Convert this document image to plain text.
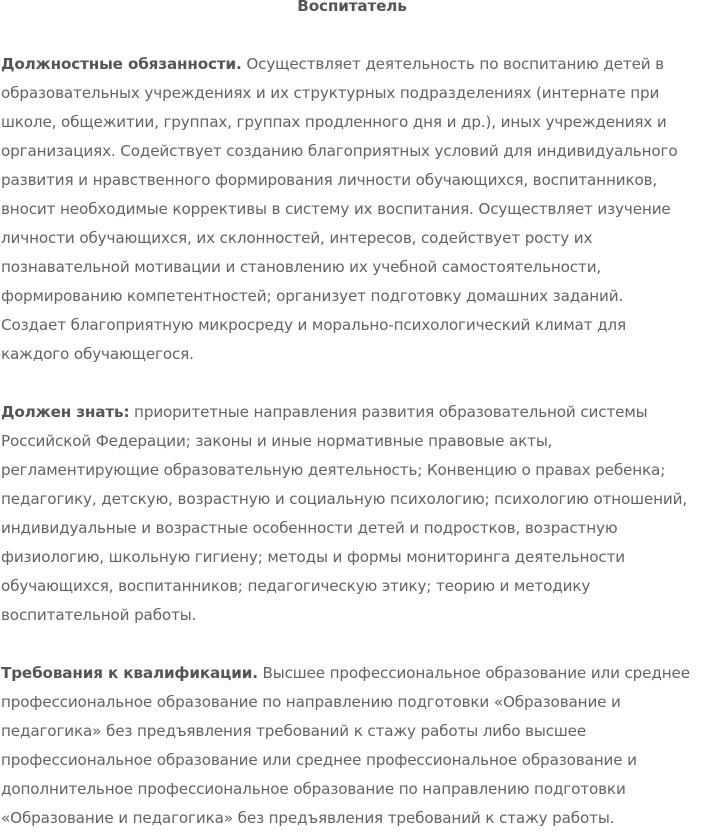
Воспитатель

Должностные обязанности. Осуществляет деятельность по воспитанию детей в образовательных учреждениях и их структурных подразделениях (интернате при школе, общежитии, группах, группах продленного дня и др.), иных учреждениях и организациях. Содействует созданию благоприятных условий для индивидуального развития и нравственного формирования личности обучающихся, воспитанников, вносит необходимые коррективы в систему их воспитания. Осуществляет изучение личности обучающихся, их склонностей, интересов, содействует росту их познавательной мотивации и становлению их учебной самостоятельности, формированию компетентностей; организует подготовку домашних заданий. Создает благоприятную микросреду и морально-психологический климат для каждого обучающегося.

Должен знать: приоритетные направления развития образовательной системы Российской Федерации; законы и иные нормативные правовые акты, регламентирующие образовательную деятельность; Конвенцию о правах ребенка; педагогику, детскую, возрастную и социальную психологию; психологию отношений, индивидуальные и возрастные особенности детей и подростков, возрастную физиологию, школьную гигиену; методы и формы мониторинга деятельности обучающихся, воспитанников; педагогическую этику; теорию и методику воспитательной работы.

Требования к квалификации. Высшее профессиональное образование или среднее профессиональное образование по направлению подготовки «Образование и педагогика» без предъявления требований к стажу работы либо высшее профессиональное образование или среднее профессиональное образование и дополнительное профессиональное образование по направлению подготовки «Образование и педагогика» без предъявления требований к стажу работы.
